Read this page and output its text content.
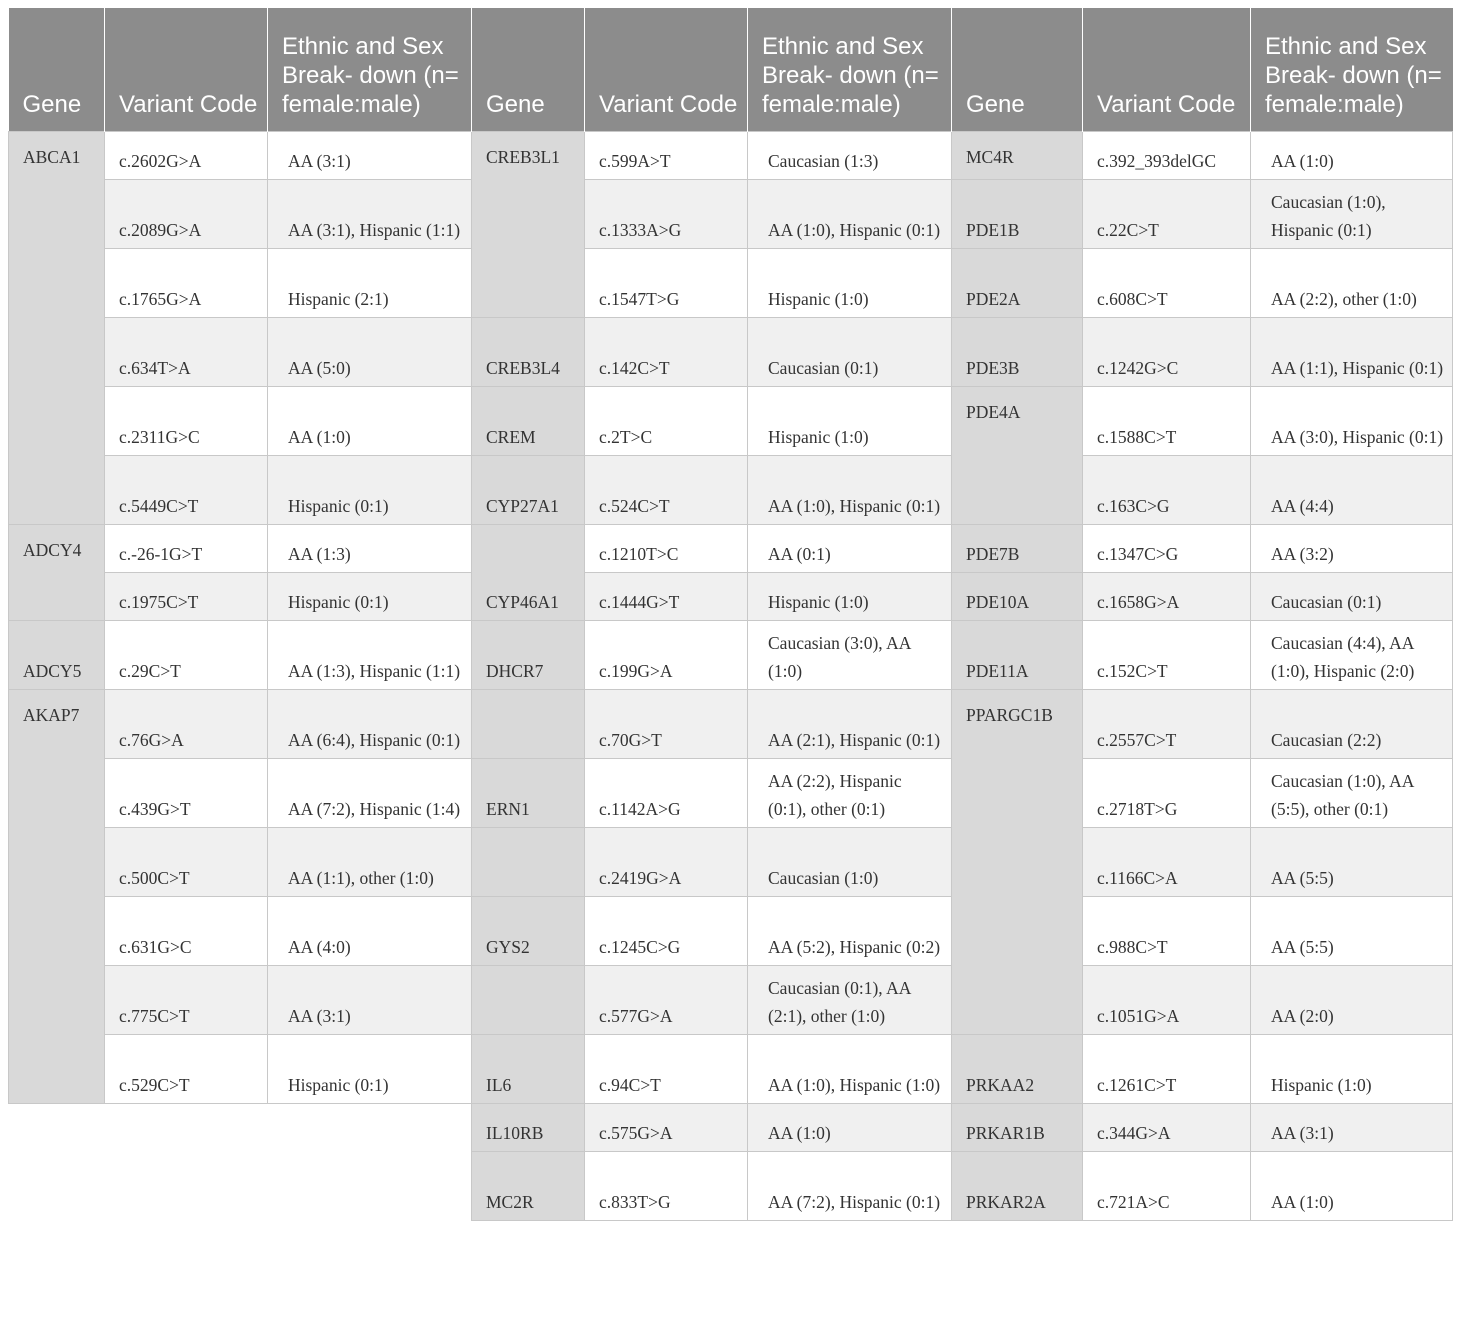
Gene	Variant Code	Ethnic and Sex Break- down (n= female:male)	Gene	Variant Code	Ethnic and Sex Break- down (n= female:male)	Gene	Variant Code	Ethnic and Sex Break- down (n= female:male)
ABCA1	c.2602G>A	AA (3:1)	CREB3L1	c.599A>T	Caucasian (1:3)	MC4R	c.392_393delGC	AA (1:0)
	c.2089G>A	AA (3:1), Hispanic (1:1)		c.1333A>G	AA (1:0), Hispanic (0:1)	PDE1B	c.22C>T	Caucasian (1:0), Hispanic (0:1)
	c.1765G>A	Hispanic (2:1)		c.1547T>G	Hispanic (1:0)	PDE2A	c.608C>T	AA (2:2), other (1:0)
	c.634T>A	AA (5:0)	CREB3L4	c.142C>T	Caucasian (0:1)	PDE3B	c.1242G>C	AA (1:1), Hispanic (0:1)
	c.2311G>C	AA (1:0)	CREM	c.2T>C	Hispanic (1:0)	PDE4A	c.1588C>T	AA (3:0), Hispanic (0:1)
	c.5449C>T	Hispanic (0:1)	CYP27A1	c.524C>T	AA (1:0), Hispanic (0:1)		c.163C>G	AA (4:4)
ADCY4	c.-26-1G>T	AA (1:3)	CYP46A1	c.1210T>C	AA (0:1)	PDE7B	c.1347C>G	AA (3:2)
	c.1975C>T	Hispanic (0:1)		c.1444G>T	Hispanic (1:0)	PDE10A	c.1658G>A	Caucasian (0:1)
ADCY5	c.29C>T	AA (1:3), Hispanic (1:1)	DHCR7	c.199G>A	Caucasian (3:0), AA (1:0)	PDE11A	c.152C>T	Caucasian (4:4), AA (1:0), Hispanic (2:0)
AKAP7	c.76G>A	AA (6:4), Hispanic (0:1)		c.70G>T	AA (2:1), Hispanic (0:1)	PPARGC1B	c.2557C>T	Caucasian (2:2)
	c.439G>T	AA (7:2), Hispanic (1:4)	ERN1	c.1142A>G	AA (2:2), Hispanic (0:1), other (0:1)		c.2718T>G	Caucasian (1:0), AA (5:5), other (0:1)
	c.500C>T	AA (1:1), other (1:0)		c.2419G>A	Caucasian (1:0)		c.1166C>A	AA (5:5)
	c.631G>C	AA (4:0)	GYS2	c.1245C>G	AA (5:2), Hispanic (0:2)		c.988C>T	AA (5:5)
	c.775C>T	AA (3:1)		c.577G>A	Caucasian (0:1), AA (2:1), other (1:0)		c.1051G>A	AA (2:0)
	c.529C>T	Hispanic (0:1)	IL6	c.94C>T	AA (1:0), Hispanic (1:0)	PRKAA2	c.1261C>T	Hispanic (1:0)
			IL10RB	c.575G>A	AA (1:0)	PRKAR1B	c.344G>A	AA (3:1)
			MC2R	c.833T>G	AA (7:2), Hispanic (0:1)	PRKAR2A	c.721A>C	AA (1:0)
